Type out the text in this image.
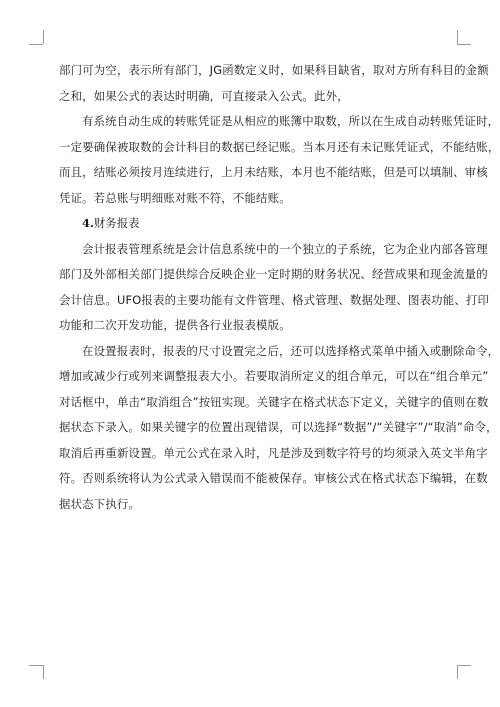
部门可为空，表示所有部门，JG函数定义时，如果科目缺省，取对方所有科目的金额
之和，如果公式的表达时明确，可直接录入公式。此外，

有系统自动生成的转账凭证是从相应的账簿中取数，所以在生成自动转账凭证时，
一定要确保被取数的会计科目的数据已经记账。当本月还有未记账凭证式，不能结账，
而且，结账必须按月连续进行，上月未结账，本月也不能结账，但是可以填制、审核
凭证。若总账与明细账对账不符，不能结账。

4.财务报表

会计报表管理系统是会计信息系统中的一个独立的子系统，它为企业内部各管理
部门及外部相关部门提供综合反映企业一定时期的财务状况、经营成果和现金流量的
会计信息。UFO报表的主要功能有文件管理、格式管理、数据处理、图表功能、打印
功能和二次开发功能，提供各行业报表模版。

在设置报表时，报表的尺寸设置完之后，还可以选择格式菜单中插入或删除命令，
增加或减少行或列来调整报表大小。若要取消所定义的组合单元，可以在“组合单元”
对话框中，单击“取消组合”按钮实现。关键字在格式状态下定义，关键字的值则在数
据状态下录入。如果关键字的位置出现错误，可以选择“数据”/“关键字”/“取消”命令，
取消后再重新设置。单元公式在录入时，凡是涉及到数字符号的均须录入英文半角字
符。否则系统将认为公式录入错误而不能被保存。审核公式在格式状态下编辑，在数
据状态下执行。
